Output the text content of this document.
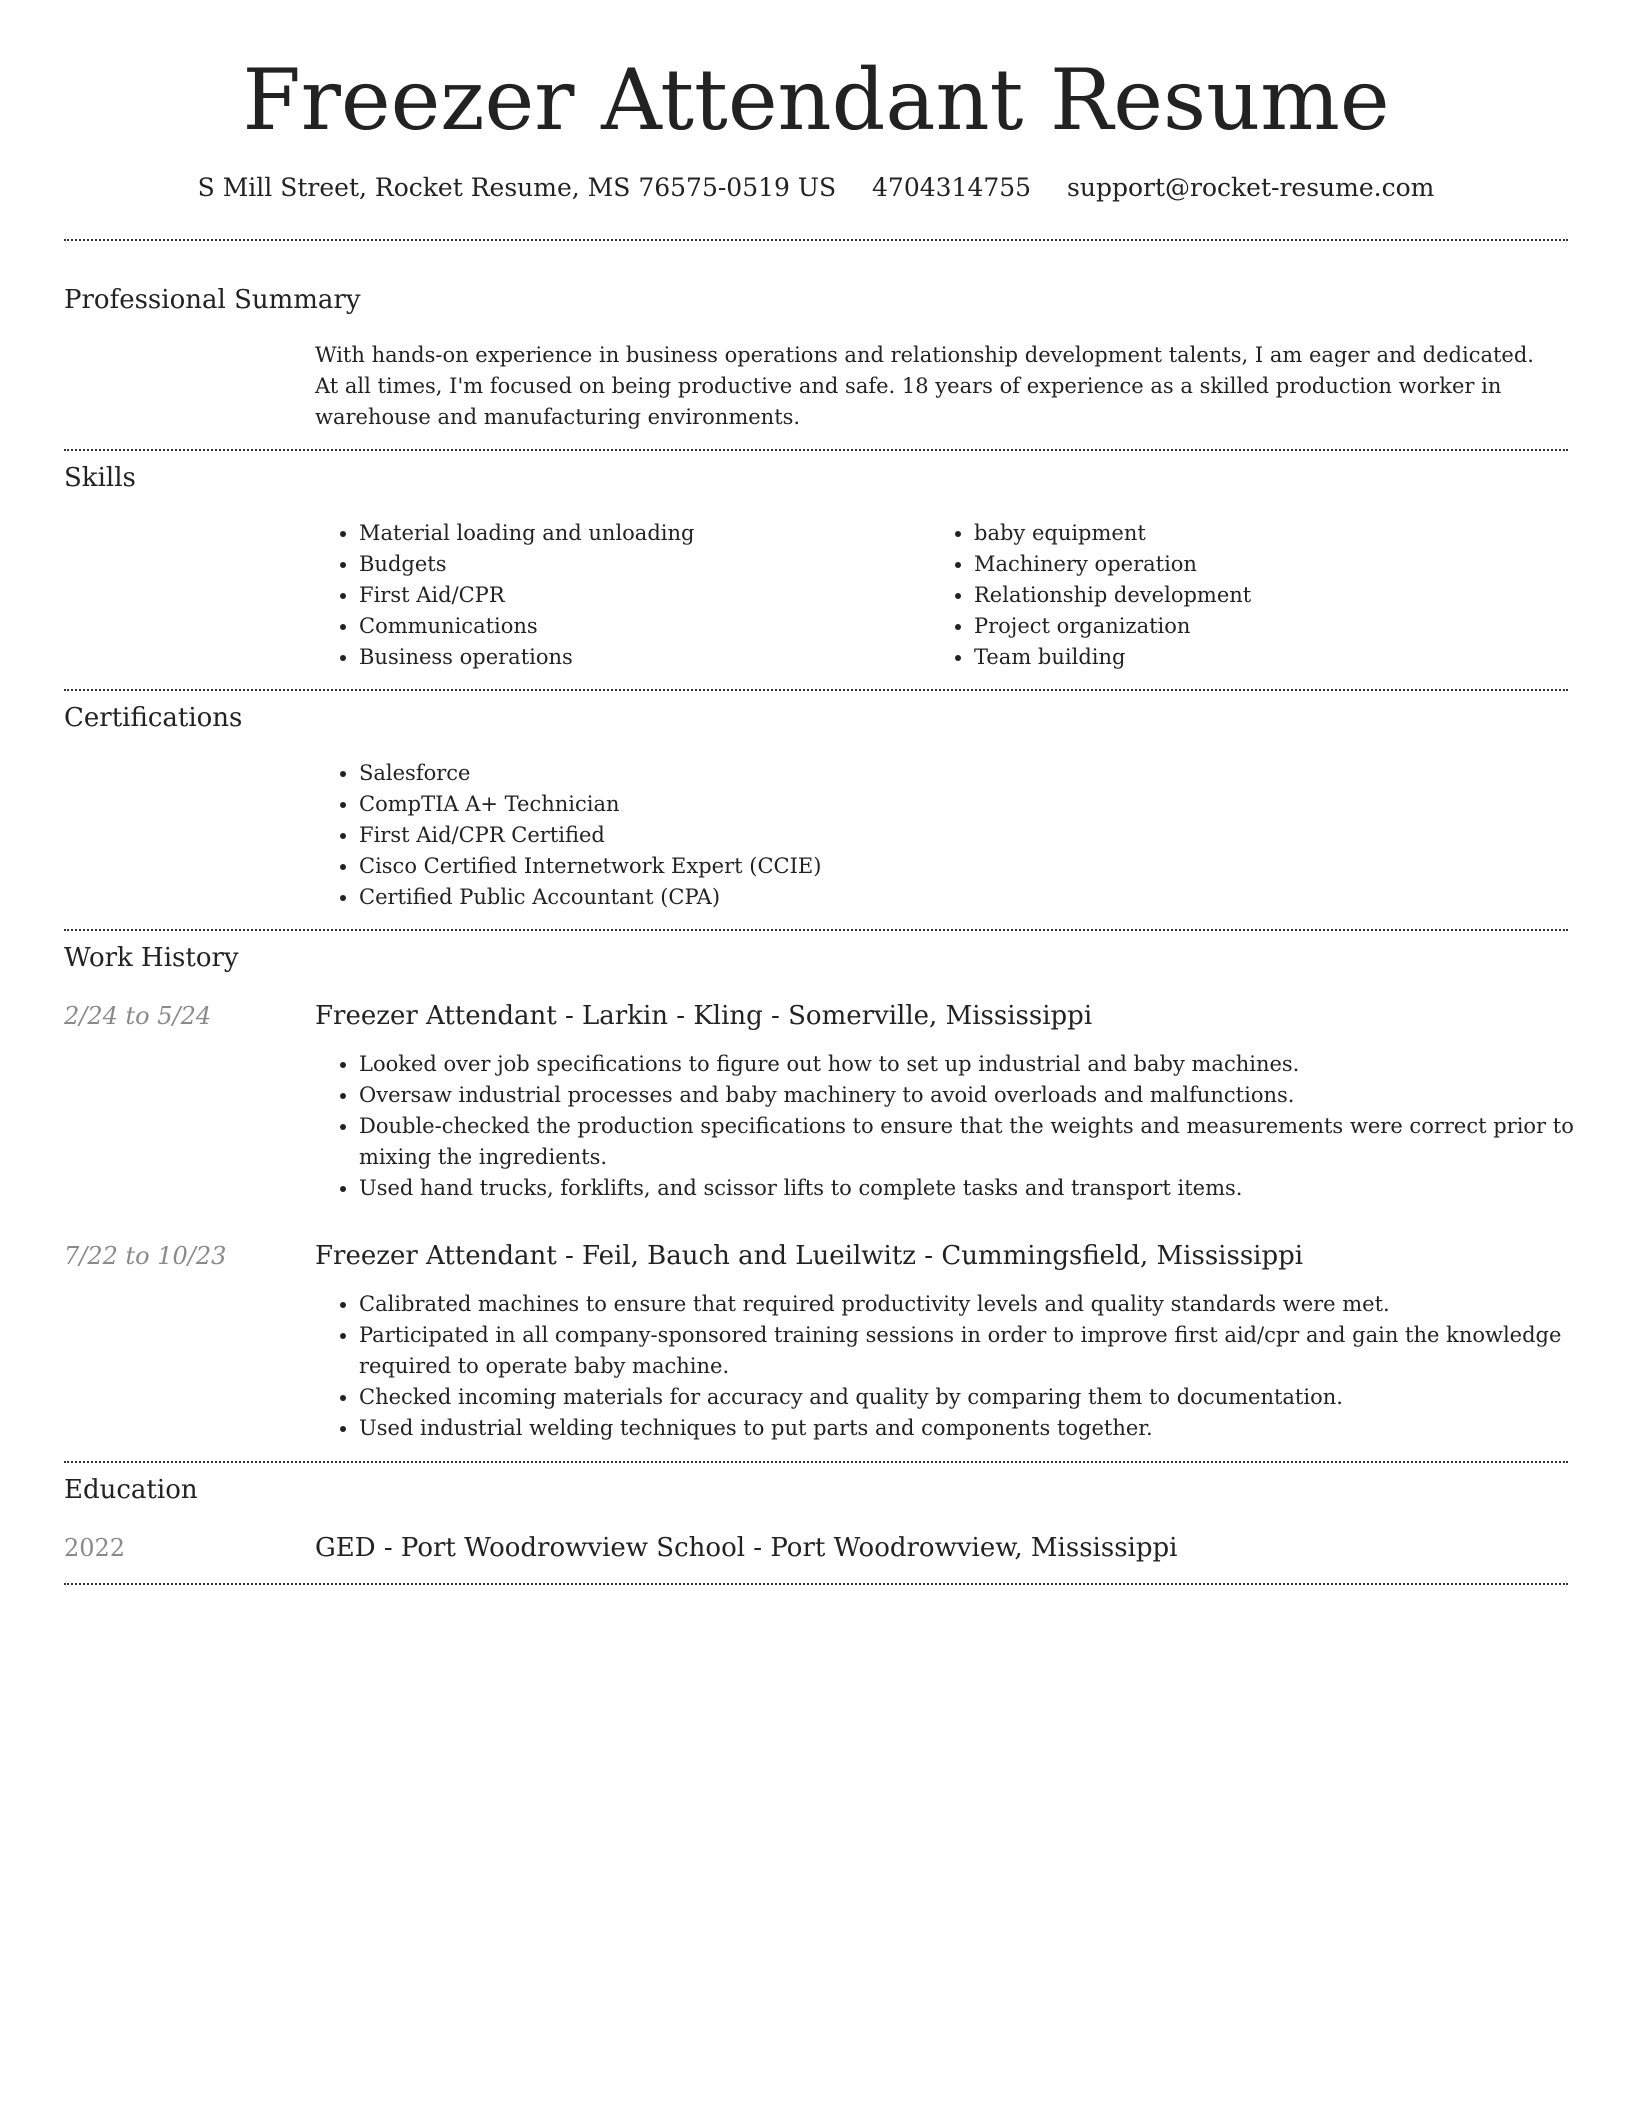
Freezer Attendant Resume
S Mill Street, Rocket Resume, MS 76575-0519 US 4704314755 support@rocket-resume.com
Professional Summary
With hands-on experience in business operations and relationship development talents, I am eager and dedicated. At all times, I'm focused on being productive and safe. 18 years of experience as a skilled production worker in warehouse and manufacturing environments.
Skills
• Material loading and unloading
• Budgets
• First Aid/CPR
• Communications
• Business operations
• baby equipment
• Machinery operation
• Relationship development
• Project organization
• Team building
Certifications
• Salesforce
• CompTIA A+ Technician
• First Aid/CPR Certified
• Cisco Certified Internetwork Expert (CCIE)
• Certified Public Accountant (CPA)
Work History
2/24 to 5/24	Freezer Attendant - Larkin - Kling - Somerville, Mississippi
• Looked over job specifications to figure out how to set up industrial and baby machines.
• Oversaw industrial processes and baby machinery to avoid overloads and malfunctions.
• Double-checked the production specifications to ensure that the weights and measurements were correct prior to mixing the ingredients.
• Used hand trucks, forklifts, and scissor lifts to complete tasks and transport items.
7/22 to 10/23	Freezer Attendant - Feil, Bauch and Lueilwitz - Cummingsfield, Mississippi
• Calibrated machines to ensure that required productivity levels and quality standards were met.
• Participated in all company-sponsored training sessions in order to improve first aid/cpr and gain the knowledge required to operate baby machine.
• Checked incoming materials for accuracy and quality by comparing them to documentation.
• Used industrial welding techniques to put parts and components together.
Education
2022	GED - Port Woodrowview School - Port Woodrowview, Mississippi
